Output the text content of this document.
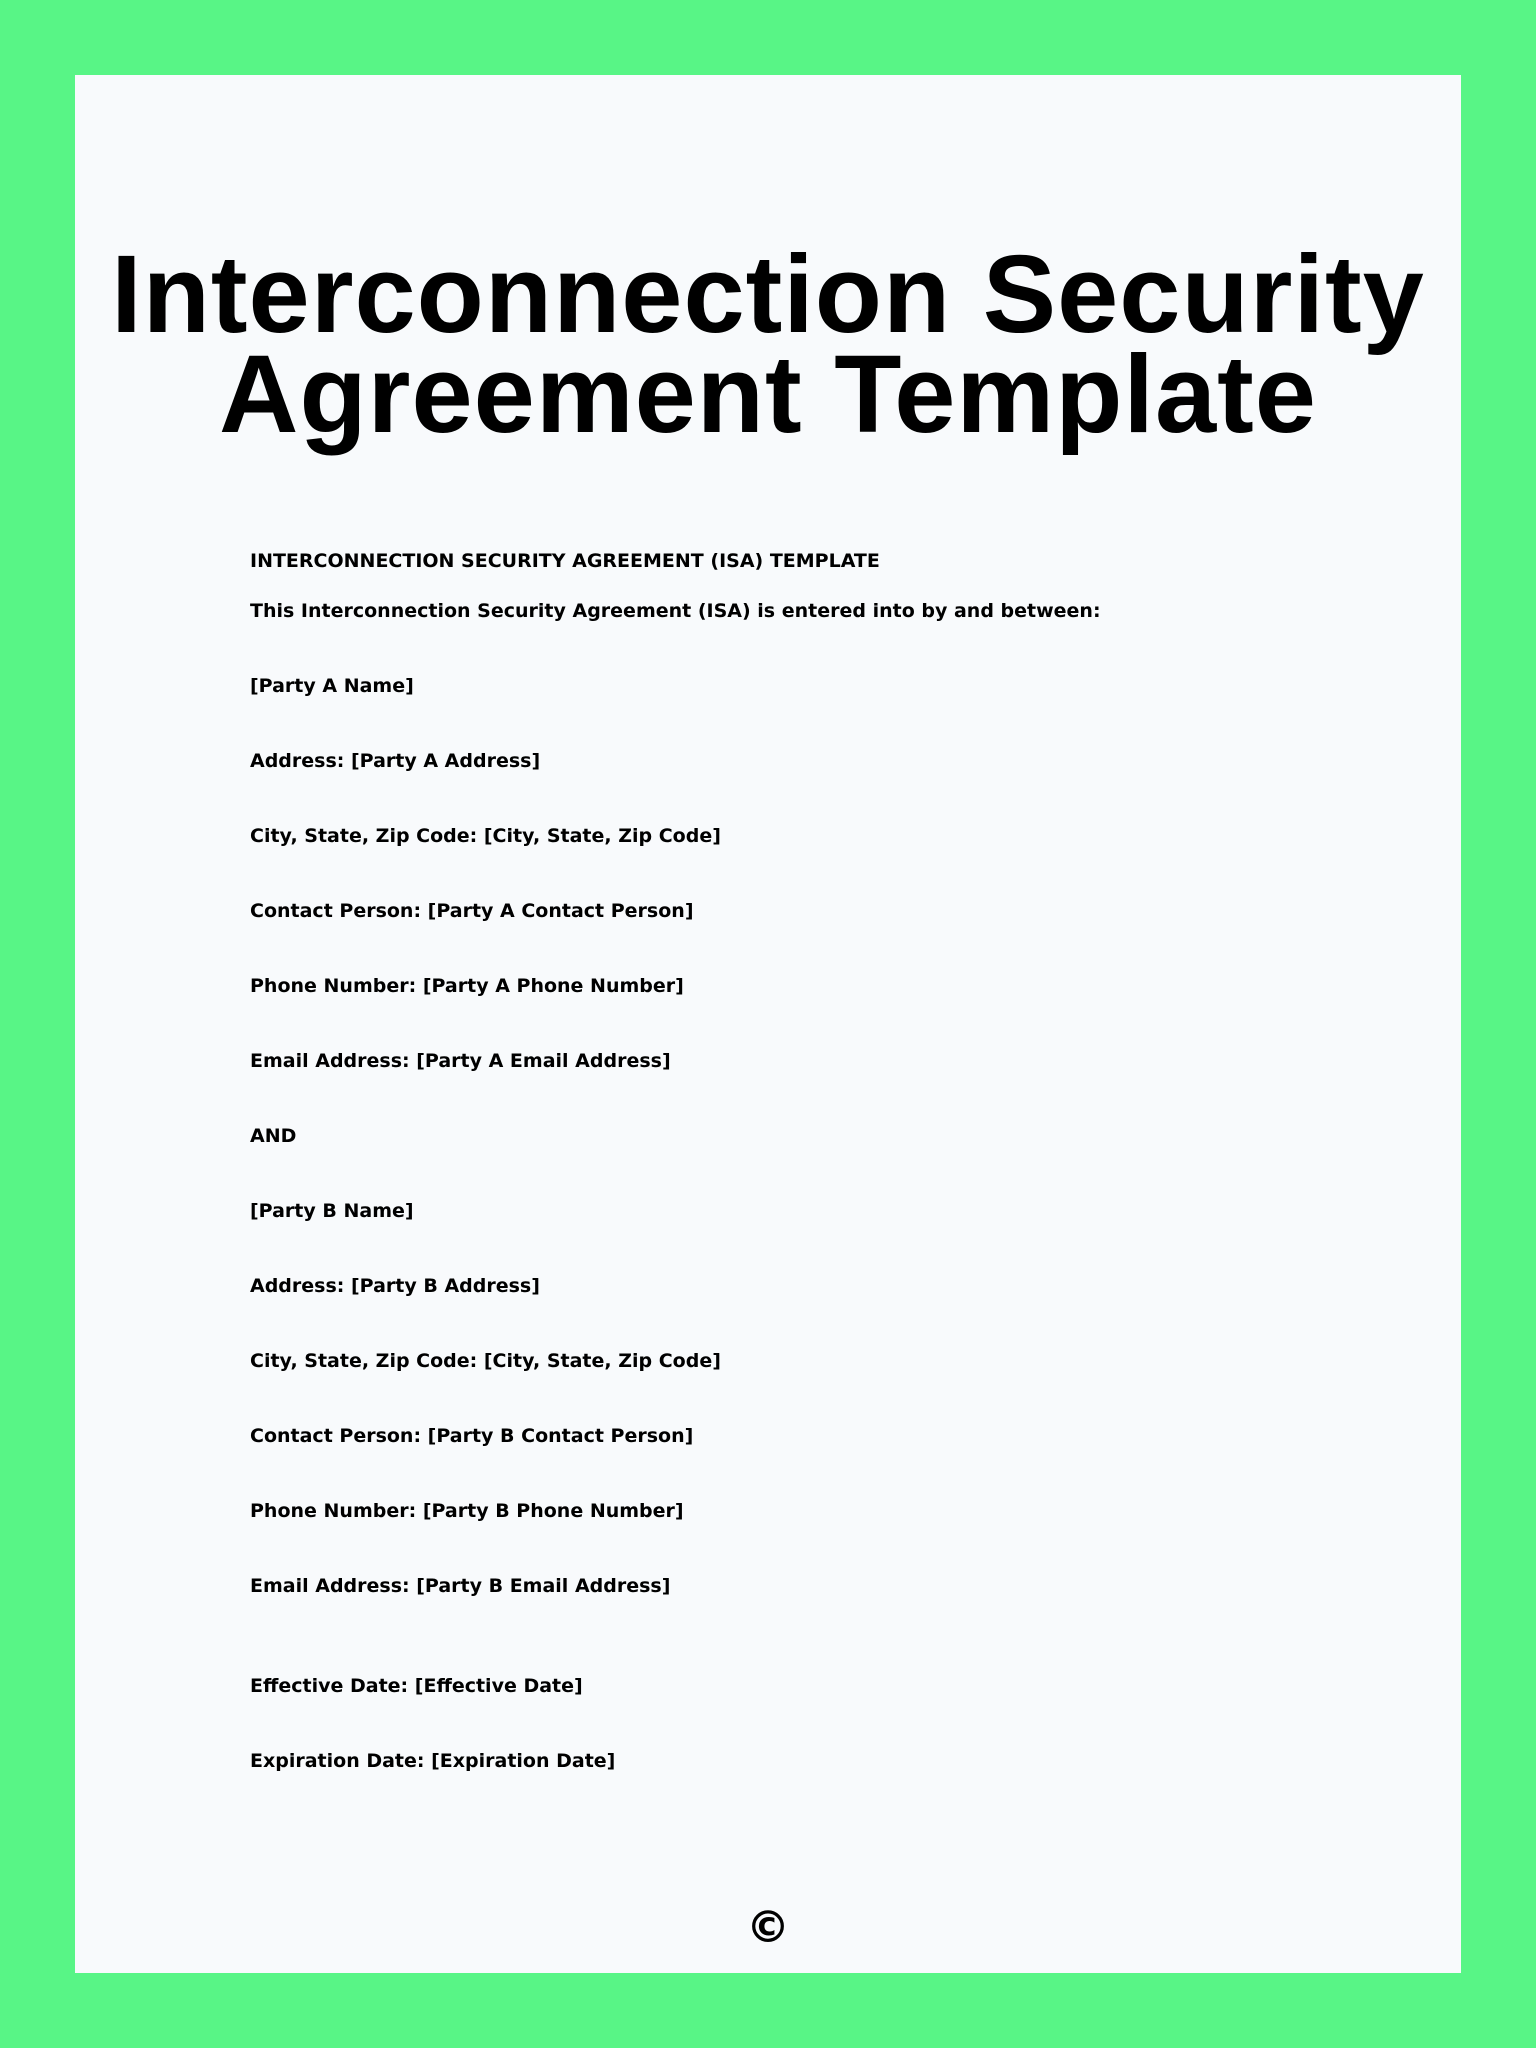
Interconnection Security
Agreement Template
INTERCONNECTION SECURITY AGREEMENT (ISA) TEMPLATE
This Interconnection Security Agreement (ISA) is entered into by and between:
[Party A Name]
Address: [Party A Address]
City, State, Zip Code: [City, State, Zip Code]
Contact Person: [Party A Contact Person]
Phone Number: [Party A Phone Number]
Email Address: [Party A Email Address]
AND
[Party B Name]
Address: [Party B Address]
City, State, Zip Code: [City, State, Zip Code]
Contact Person: [Party B Contact Person]
Phone Number: [Party B Phone Number]
Email Address: [Party B Email Address]
Effective Date: [Effective Date]
Expiration Date: [Expiration Date]
©
